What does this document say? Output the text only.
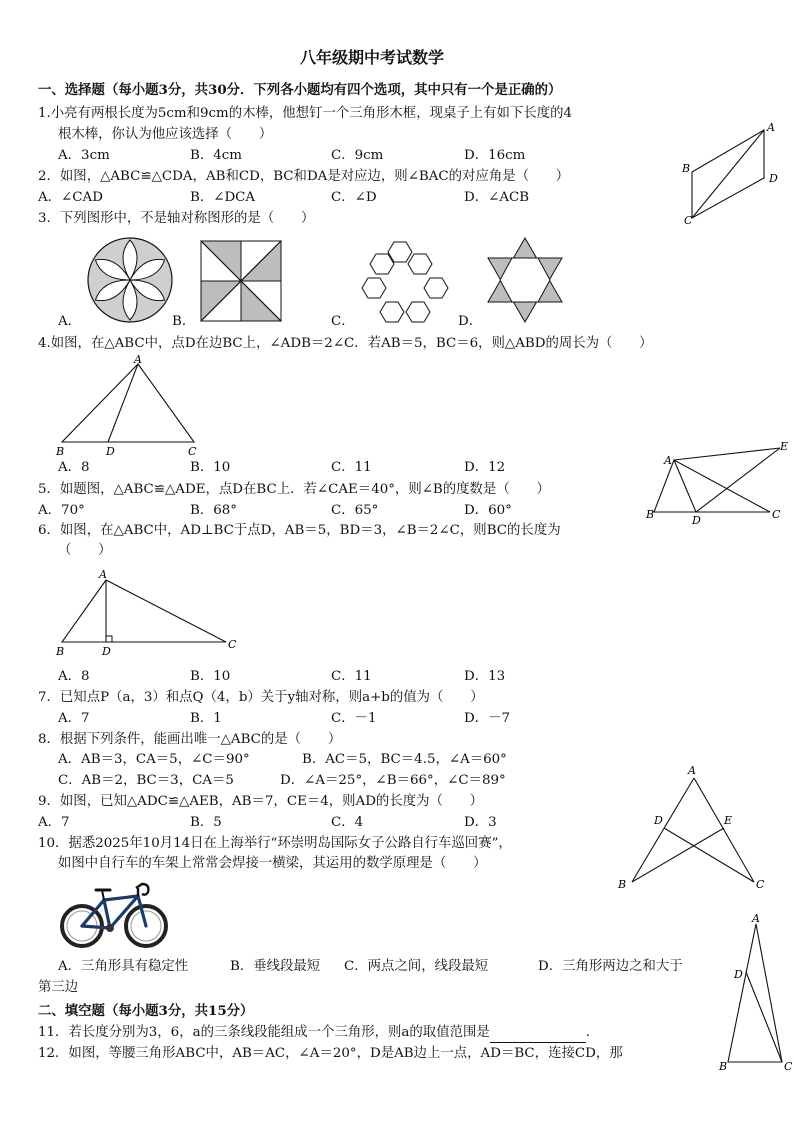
八年级期中考试数学
一、选择题（每小题3分，共30分．下列各小题均有四个选项，其中只有一个是正确的）
1.小亮有两根长度为5cm和9cm的木棒，他想钉一个三角形木框，现桌子上有如下长度的4
根木棒，你认为他应该选择（　　）
A．3cm	B．4cm	C．9cm	D．16cm
A
B
C
D
2．如图，△ABC≌△CDA，AB和CD，BC和DA是对应边，则∠BAC的对应角是（　　）
A．∠CAD	B．∠DCA	C．∠D	D．∠ACB
3．下列图形中，不是轴对称图形的是（　　）
A．	B．	C．	D．
4.如图，在△ABC中，点D在边BC上，∠ADB＝2∠C．若AB＝5，BC＝6，则△ABD的周长为（　　）
A
B	D	C
A．8	B．10	C．11	D．12	A
B	D	C
E
5．如题图，△ABC≌△ADE，点D在BC上．若∠CAE＝40°，则∠B的度数是（　　）
A．70°	B．68°	C．65°	D．60°
6．如图，在△ABC中，AD⊥BC于点D，AB＝5，BD＝3，∠B＝2∠C，则BC的长度为
（　　）
A
B	D
C
A．8	B．10	C．11	D．13
7．已知点P（a，3）和点Q（4，b）关于y轴对称，则a+b的值为（　　）
A．7	B．1	C．－1	D．－7
8．根据下列条件，能画出唯一△ABC的是（　　）
A．AB＝3，CA＝5，∠C＝90°	B．AC＝5，BC＝4.5，∠A＝60°
C．AB＝2，BC＝3，CA＝5	D．∠A＝25°，∠B＝66°，∠C＝89°
A
D	E
B	C
9．如图，已知△ADC≌△AEB，AB＝7，CE＝4，则AD的长度为（　　）
A．7	B．5	C．4	D．3
10．据悉2025年10月14日在上海举行“环崇明岛国际女子公路自行车巡回赛”，
如图中自行车的车架上常常会焊接一横梁，其运用的数学原理是（　　）
A．三角形具有稳定性	B．垂线段最短 C．两点之间，线段最短	D．三角形两边之和大于
第三边
A
D
B	C
二、填空题（每小题3分，共15分）
11．若长度分别为3，6，a的三条线段能组成一个三角形，则a的取值范围是	．
12．如图，等腰三角形ABC中，AB＝AC，∠A＝20°，D是AB边上一点，AD＝BC，连接CD，那
